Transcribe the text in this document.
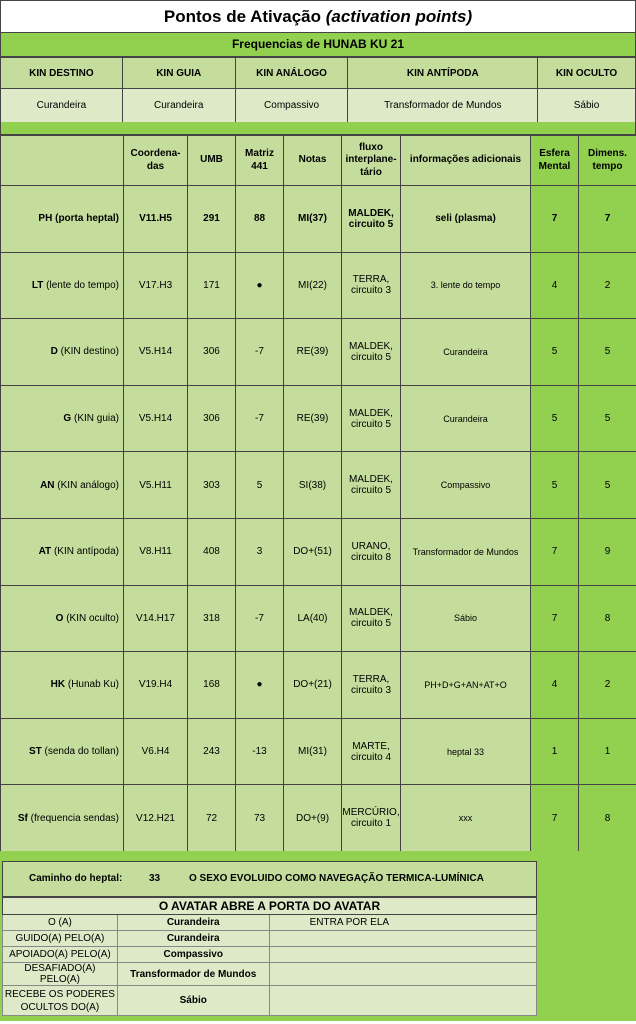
Pontos de Ativação (activation points)
Frequencias de HUNAB KU 21
KIN DESTINO	KIN GUIA	KIN ANÁLOGO	KIN ANTÍPODA	KIN OCULTO
Curandeira	Curandeira	Compassivo	Transformador de Mundos	Sábio
	Coordena-das	UMB	Matriz 441	Notas	fluxo interplane-tário	informações adicionais	Esfera Mental	Dimens. tempo
PH (porta heptal)	V11.H5	291	88	MI(37)	MALDEK, circuito 5	seli (plasma)	7	7
LT (lente do tempo)	V17.H3	171	●	MI(22)	TERRA, circuito 3	3. lente do tempo	4	2
D (KIN destino)	V5.H14	306	-7	RE(39)	MALDEK, circuito 5	Curandeira	5	5
G (KIN guia)	V5.H14	306	-7	RE(39)	MALDEK, circuito 5	Curandeira	5	5
AN (KIN análogo)	V5.H11	303	5	SI(38)	MALDEK, circuito 5	Compassivo	5	5
AT (KIN antípoda)	V8.H11	408	3	DO+(51)	URANO, circuito 8	Transformador de Mundos	7	9
O (KIN oculto)	V14.H17	318	-7	LA(40)	MALDEK, circuito 5	Sábio	7	8
HK (Hunab Ku)	V19.H4	168	●	DO+(21)	TERRA, circuito 3	PH+D+G+AN+AT+O	4	2
ST (senda do tollan)	V6.H4	243	-13	MI(31)	MARTE, circuito 4	heptal 33	1	1
Sf (frequencia sendas)	V12.H21	72	73	DO+(9)	MERCÚRIO, circuito 1	xxx	7	8
Caminho do heptal:	33	O SEXO EVOLUIDO COMO NAVEGAÇÃO TERMICA-LUMÍNICA
O AVATAR ABRE A PORTA DO AVATAR		
O (A)	Curandeira	ENTRA POR ELA
GUIDO(A) PELO(A)	Curandeira	
APOIADO(A) PELO(A)	Compassivo	
DESAFIADO(A) PELO(A)	Transformador de Mundos	
RECEBE OS PODERES OCULTOS DO(A)	Sábio	
